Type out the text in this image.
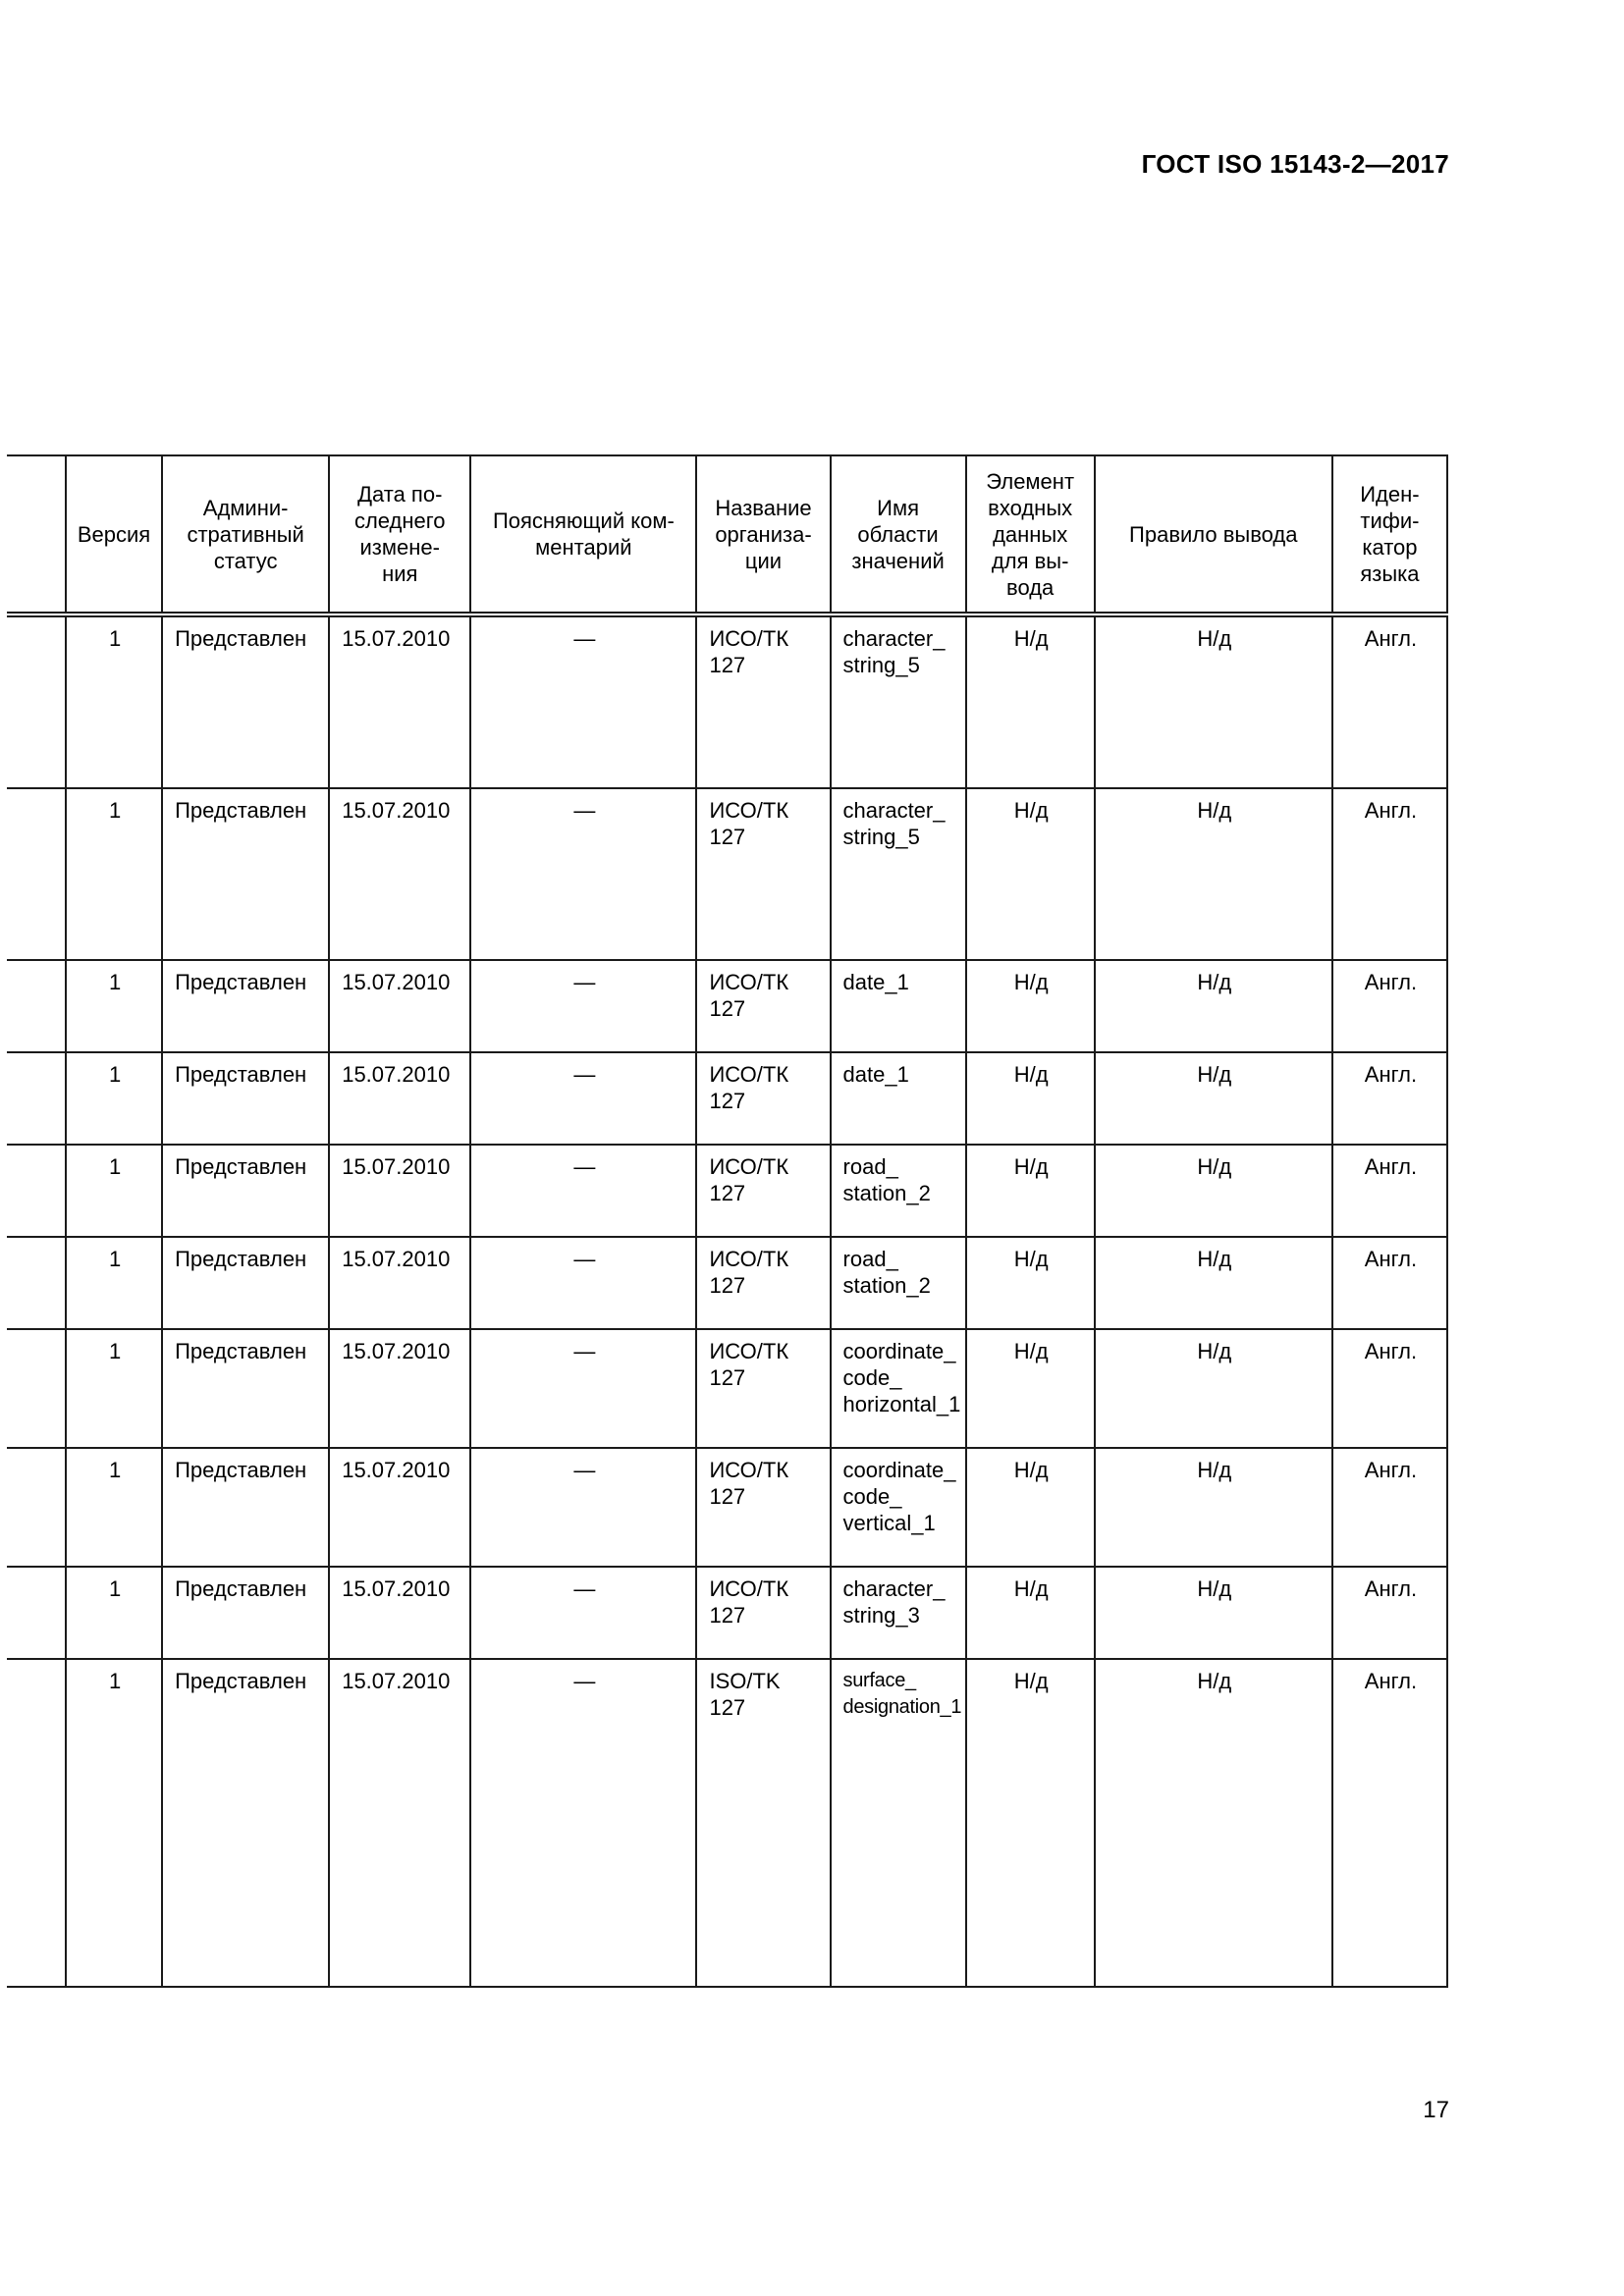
ГОСТ ISO 15143-2—2017
	Версия	Админи-
стративный
статус	Дата по-
следнего
измене-
ния	Поясняющий ком-
ментарий	Название
организа-
ции	Имя
области
значений	Элемент
входных
данных
для вы-
вода	Правило вывода	Иден-
тифи-
катор
языка
	1	Представлен	15.07.2010	—	ИСО/ТК
127	character_
string_5	Н/д	Н/д	Англ.
	1	Представлен	15.07.2010	—	ИСО/ТК
127	character_
string_5	Н/д	Н/д	Англ.
	1	Представлен	15.07.2010	—	ИСО/ТК
127	date_1	Н/д	Н/д	Англ.
	1	Представлен	15.07.2010	—	ИСО/ТК
127	date_1	Н/д	Н/д	Англ.
	1	Представлен	15.07.2010	—	ИСО/ТК
127	road_
station_2	Н/д	Н/д	Англ.
	1	Представлен	15.07.2010	—	ИСО/ТК
127	road_
station_2	Н/д	Н/д	Англ.
	1	Представлен	15.07.2010	—	ИСО/ТК
127	coordinate_
code_
horizontal_1	Н/д	Н/д	Англ.
	1	Представлен	15.07.2010	—	ИСО/ТК
127	coordinate_
code_
vertical_1	Н/д	Н/д	Англ.
	1	Представлен	15.07.2010	—	ИСО/ТК
127	character_
string_3	Н/д	Н/д	Англ.
	1	Представлен	15.07.2010	—	ISO/TK
127	surface_
designation_1	Н/д	Н/д	Англ.
17
